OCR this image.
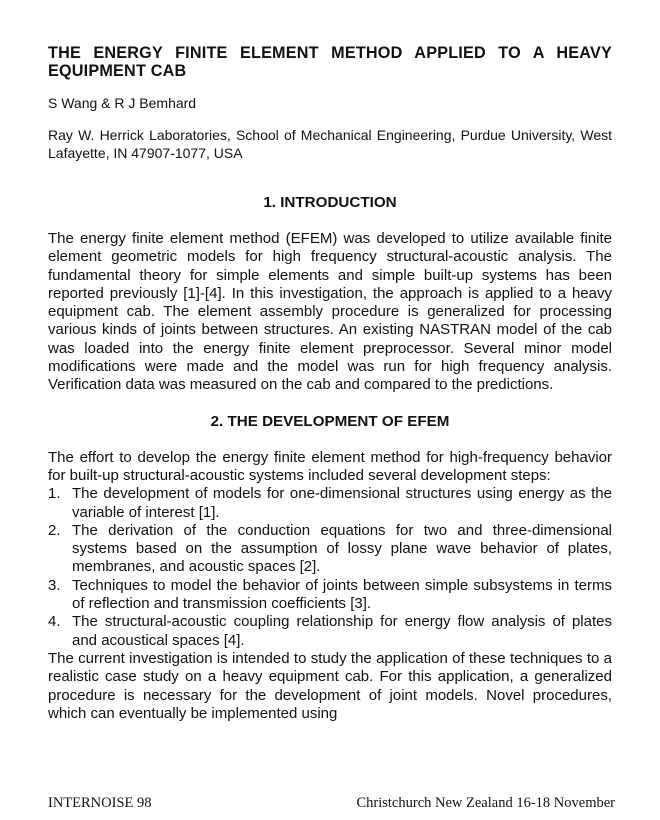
THE ENERGY FINITE ELEMENT METHOD APPLIED TO A HEAVY EQUIPMENT CAB

S Wang & R J Bemhard

Ray W. Herrick Laboratories, School of Mechanical Engineering, Purdue University, West Lafayette, IN 47907-1077, USA

1. INTRODUCTION

The energy finite element method (EFEM) was developed to utilize available finite element geometric models for high frequency structural-acoustic analysis. The fundamental theory for simple elements and simple built-up systems has been reported previously [1]-[4]. In this investigation, the approach is applied to a heavy equipment cab. The element assembly procedure is generalized for processing various kinds of joints between structures. An existing NASTRAN model of the cab was loaded into the energy finite element preprocessor. Several minor model modifications were made and the model was run for high frequency analysis. Verification data was measured on the cab and compared to the predictions.

2. THE DEVELOPMENT OF EFEM

The effort to develop the energy finite element method for high-frequency behavior for built-up structural-acoustic systems included several development steps:

1. The development of models for one-dimensional structures using energy as the variable of interest [1].
2. The derivation of the conduction equations for two and three-dimensional systems based on the assumption of lossy plane wave behavior of plates, membranes, and acoustic spaces [2].
3. Techniques to model the behavior of joints between simple subsystems in terms of reflection and transmission coefficients [3].
4. The structural-acoustic coupling relationship for energy flow analysis of plates and acoustical spaces [4].

The current investigation is intended to study the application of these techniques to a realistic case study on a heavy equipment cab. For this application, a generalized procedure is necessary for the development of joint models. Novel procedures, which can eventually be implemented using

INTERNOISE 98	Christchurch New Zealand 16-18 November
